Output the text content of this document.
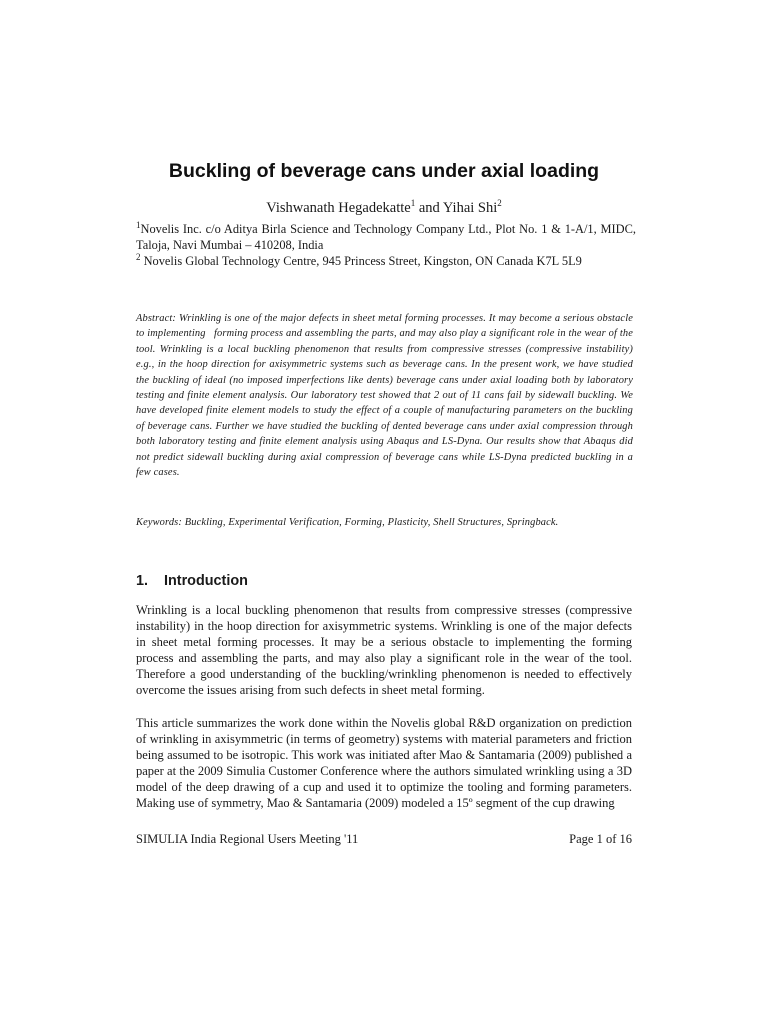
Buckling of beverage cans under axial loading
Vishwanath Hegadekatte$^1$ and Yihai Shi$^2$

$^1$Novelis Inc. c/o Aditya Birla Science and Technology Company Ltd., Plot No. 1 & 1-A/1, MIDC, Taloja, Navi Mumbai – 410208, India

$^2$ Novelis Global Technology Centre, 945 Princess Street, Kingston, ON Canada K7L 5L9

Abstract: Wrinkling is one of the major defects in sheet metal forming processes. It may become a serious obstacle to implementing   forming process and assembling the parts, and may also play a significant role in the wear of the tool. Wrinkling is a local buckling phenomenon that results from compressive stresses (compressive instability) e.g., in the hoop direction for axisymmetric systems such as beverage cans. In the present work, we have studied the buckling of ideal (no imposed imperfections like dents) beverage cans under axial loading both by laboratory testing and finite element analysis. Our laboratory test showed that 2 out of 11 cans fail by sidewall buckling. We have developed finite element models to study the effect of a couple of manufacturing parameters on the buckling of beverage cans. Further we have studied the buckling of dented beverage cans under axial compression through both laboratory testing and finite element analysis using Abaqus and LS-Dyna. Our results show that Abaqus did not predict sidewall buckling during axial compression of beverage cans while LS-Dyna predicted buckling in a few cases.

Keywords: Buckling, Experimental Verification, Forming, Plasticity, Shell Structures, Springback.

1. Introduction

Wrinkling is a local buckling phenomenon that results from compressive stresses (compressive instability) in the hoop direction for axisymmetric systems. Wrinkling is one of the major defects in sheet metal forming processes. It may be a serious obstacle to implementing the forming process and assembling the parts, and may also play a significant role in the wear of the tool. Therefore a good understanding of the buckling/wrinkling phenomenon is needed to effectively overcome the issues arising from such defects in sheet metal forming.

This article summarizes the work done within the Novelis global R&D organization on prediction of wrinkling in axisymmetric (in terms of geometry) systems with material parameters and friction being assumed to be isotropic. This work was initiated after Mao & Santamaria (2009) published a paper at the 2009 Simulia Customer Conference where the authors simulated wrinkling using a 3D model of the deep drawing of a cup and used it to optimize the tooling and forming parameters. Making use of symmetry, Mao & Santamaria (2009) modeled a 15º segment of the cup drawing

SIMULIA India Regional Users Meeting '11	Page 1 of 16
